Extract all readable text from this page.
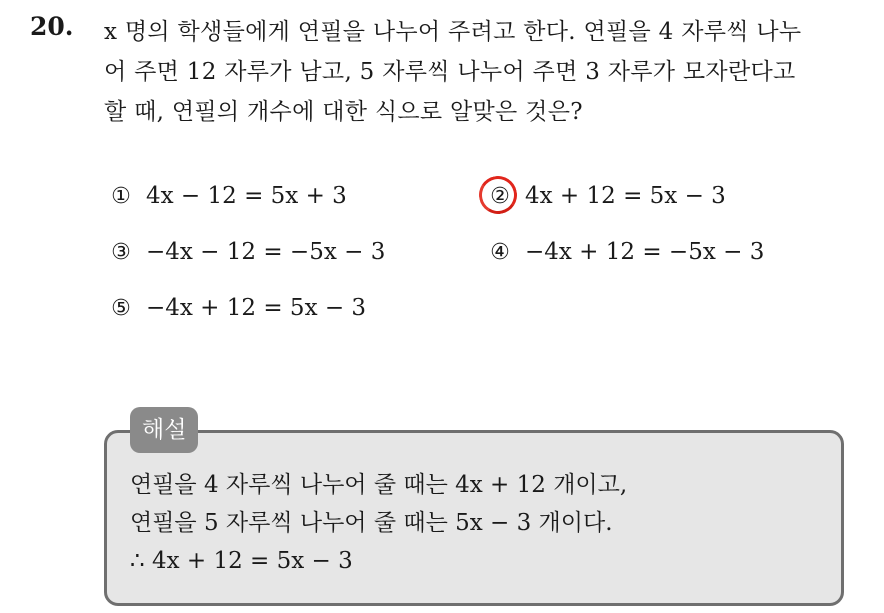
20. x 명의 학생들에게 연필을 나누어 주려고 한다. 연필을 4 자루씩 나누
어 주면 12 자루가 남고, 5 자루씩 나누어 주면 3 자루가 모자란다고
할 때, 연필의 개수에 대한 식으로 알맞은 것은?
① 4x − 12 = 5x + 3	② 4x + 12 = 5x − 3
③ −4x − 12 = −5x − 3	④ −4x + 12 = −5x − 3
⑤ −4x + 12 = 5x − 3
해설
연필을 4 자루씩 나누어 줄 때는 4x + 12 개이고,
연필을 5 자루씩 나누어 줄 때는 5x − 3 개이다.
∴ 4x + 12 = 5x − 3
